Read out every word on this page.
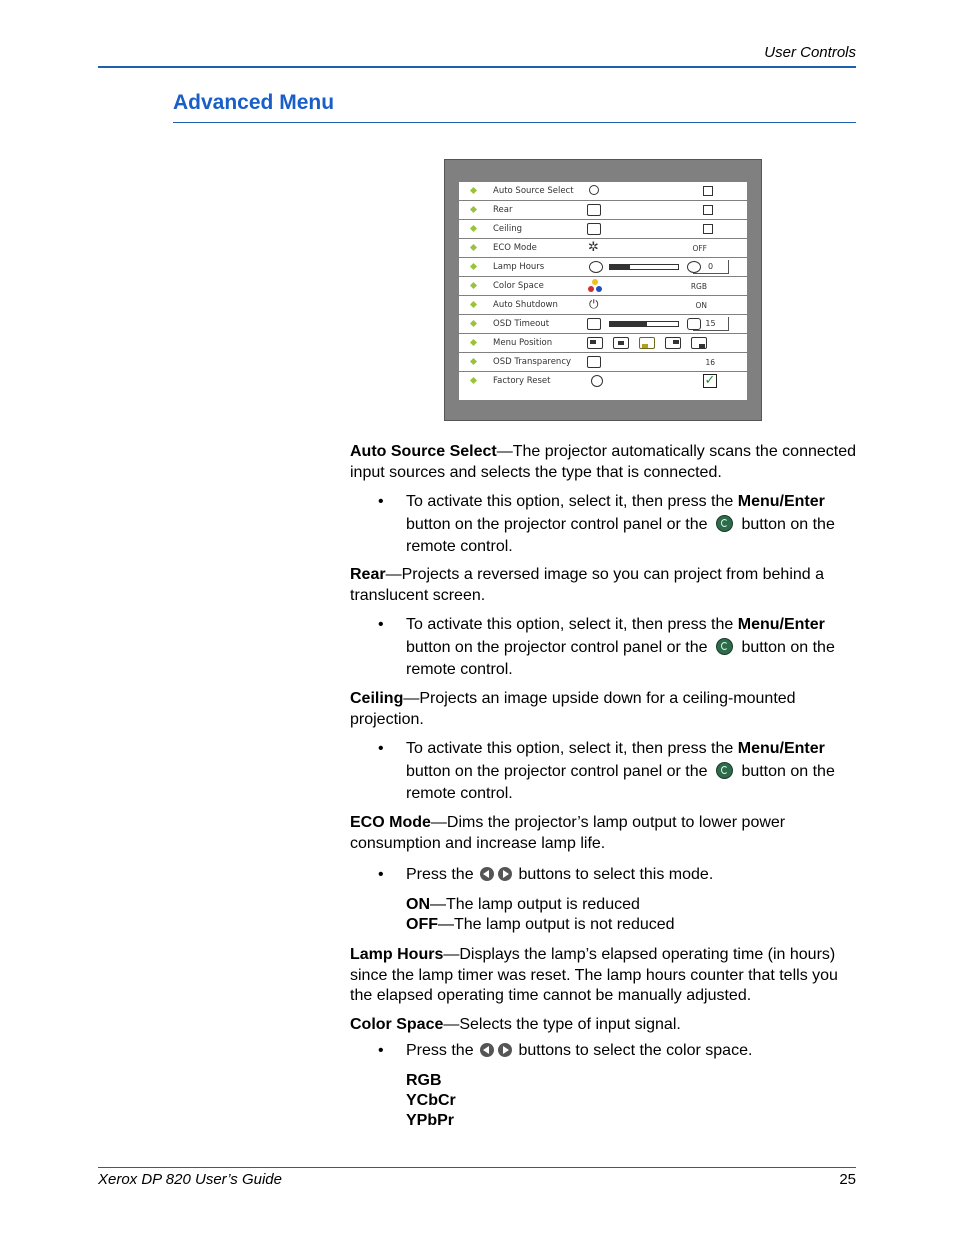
User Controls
Advanced Menu
Auto Source Select
Rear
Ceiling
ECO Mode	✲	OFF
Lamp Hours	0
Color Space	RGB
Auto Shutdown	⏻	ON
OSD Timeout	15
Menu Position
OSD Transparency	16
Factory Reset	✓
Auto Source Select—The projector automatically scans the connected input sources and selects the type that is connected.
• To activate this option, select it, then press the Menu/Enter
button on the projector control panel or the button on the remote control.
Rear—Projects a reversed image so you can project from behind a translucent screen.
• To activate this option, select it, then press the Menu/Enter
button on the projector control panel or the button on the remote control.
Ceiling—Projects an image upside down for a ceiling-mounted projection.
• To activate this option, select it, then press the Menu/Enter
button on the projector control panel or the button on the remote control.
ECO Mode—Dims the projector’s lamp output to lower power consumption and increase lamp life.
• Press the	buttons to select this mode.
ON—The lamp output is reduced
OFF—The lamp output is not reduced
Lamp Hours—Displays the lamp’s elapsed operating time (in hours) since the lamp timer was reset. The lamp hours counter that tells you the elapsed operating time cannot be manually adjusted.
Color Space—Selects the type of input signal.
• Press the	buttons to select the color space.
RGB
YCbCr
YPbPr
Xerox DP 820 User’s Guide	25
